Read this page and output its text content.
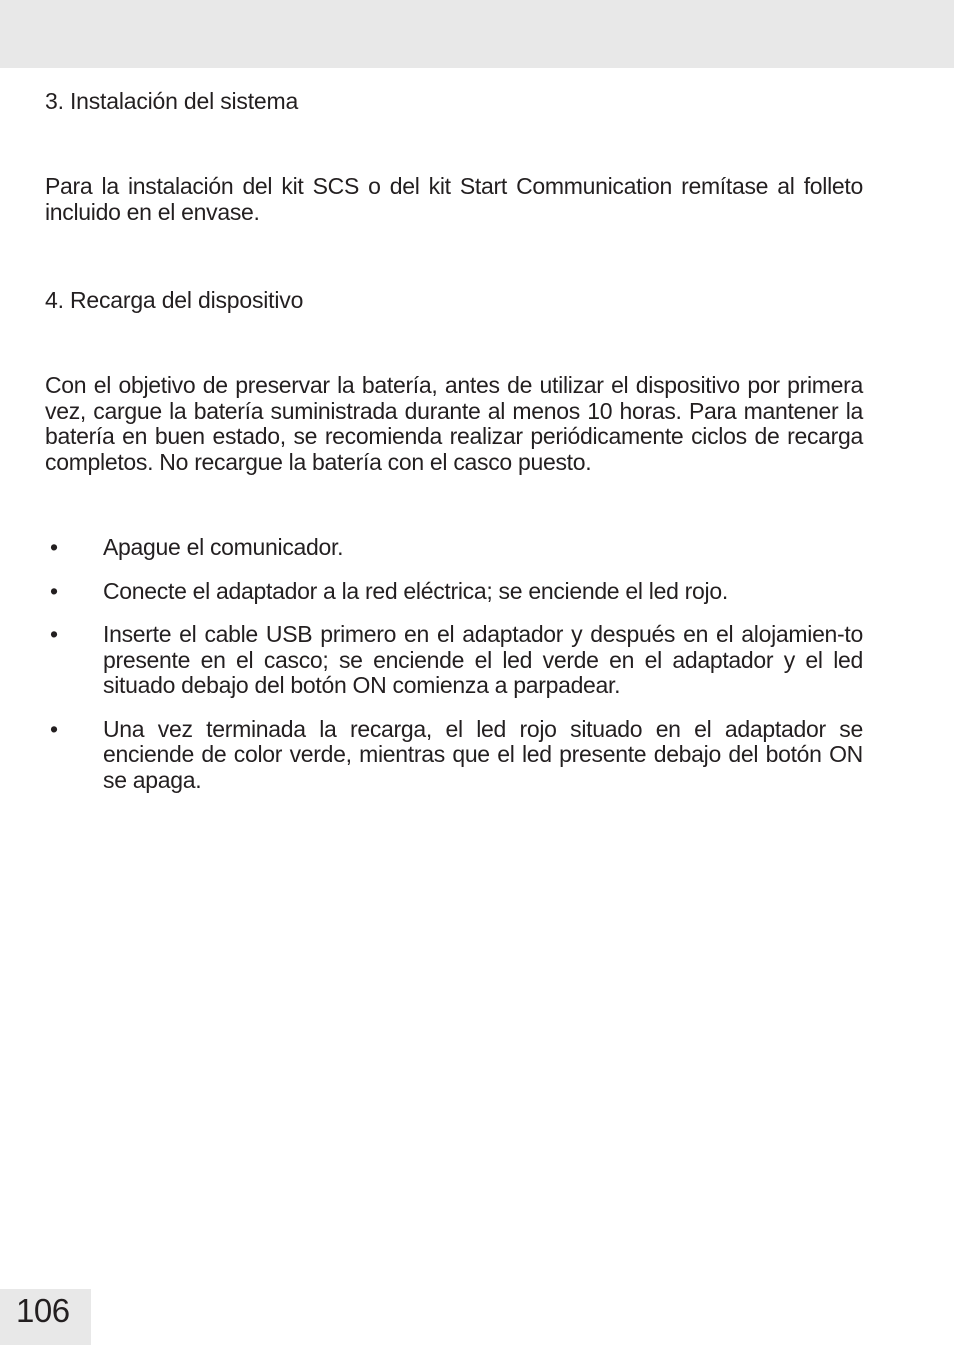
3. Instalación del sistema

Para la instalación del kit SCS o del kit Start Communication remítase al folleto incluido en el envase.

4. Recarga del dispositivo

Con el objetivo de preservar la batería, antes de utilizar el dispositivo por primera vez, cargue la batería suministrada durante al menos 10 horas. Para mantener la batería en buen estado, se recomienda realizar periódicamente ciclos de recarga completos. No recargue la batería con el casco puesto.

• Apague el comunicador.
• Conecte el adaptador a la red eléctrica; se enciende el led rojo.
• Inserte el cable USB primero en el adaptador y después en el alojamien-to presente en el casco; se enciende el led verde en el adaptador y el led situado debajo del botón ON comienza a parpadear.
• Una vez terminada la recarga, el led rojo situado en el adaptador se enciende de color verde, mientras que el led presente debajo del botón ON se apaga.
106
